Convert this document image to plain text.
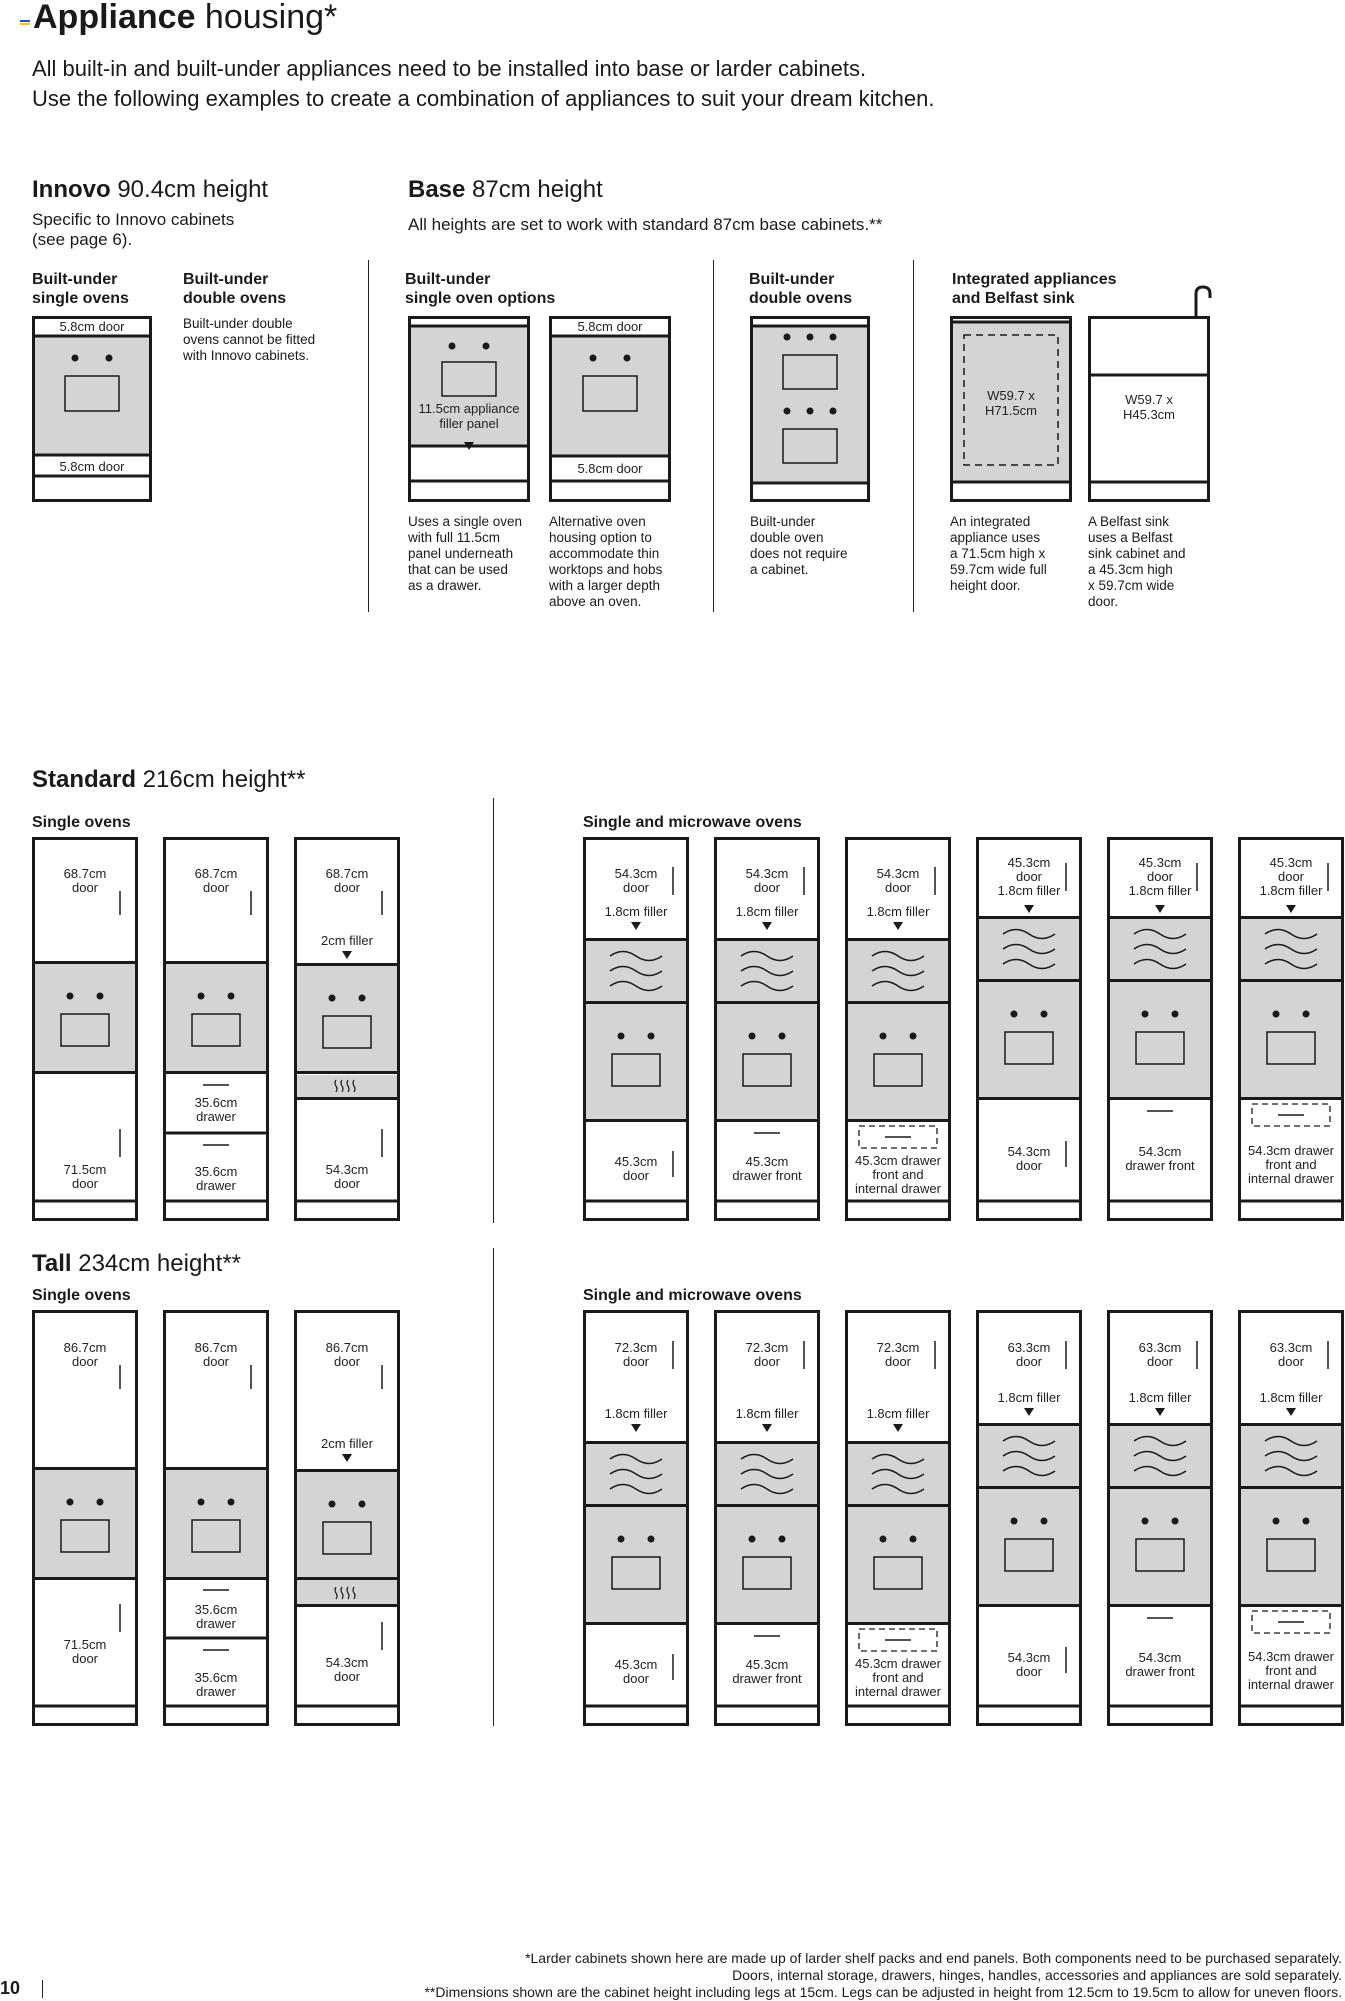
Appliance housing*
All built-in and built-under appliances need to be installed into base or larder cabinets.
Use the following examples to create a combination of appliances to suit your dream kitchen.
Innovo 90.4cm height
Specific to Innovo cabinets
(see page 6).
Built-under
single ovens
Built-under
double ovens
Built-under double
ovens cannot be fitted
with Innovo cabinets.
5.8cm door
5.8cm door
Base 87cm height
All heights are set to work with standard 87cm base cabinets.**
Built-under
single oven options
11.5cm appliance
filler panel
Uses a single oven
with full 11.5cm
panel underneath
that can be used
as a drawer.
5.8cm door
5.8cm door
Alternative oven
housing option to
accommodate thin
worktops and hobs
with a larger depth
above an oven.
Built-under
double ovens
Built-under
double oven
does not require
a cabinet.
Integrated appliances
and Belfast sink
W59.7 x
H71.5cm
An integrated
appliance uses
a 71.5cm high x
59.7cm wide full
height door.
W59.7 x
H45.3cm
A Belfast sink
uses a Belfast
sink cabinet and
a 45.3cm high
x 59.7cm wide
door.
Standard 216cm height**
Single ovens	Single and microwave ovens
68.7cm
door
71.5cm
door
68.7cm
door
35.6cm
drawer
35.6cm
drawer
68.7cm
door
2cm filler
54.3cm
door
54.3cm
door
1.8cm filler
45.3cm
door
54.3cm
door
1.8cm filler
45.3cm
drawer front
54.3cm
door
1.8cm filler
45.3cm drawer
front and
internal drawer
45.3cm
door
1.8cm filler
54.3cm
door
45.3cm
door
1.8cm filler
54.3cm
drawer front
45.3cm
door
1.8cm filler
54.3cm drawer
front and
internal drawer
Tall 234cm height**
Single ovens	Single and microwave ovens
86.7cm
door
71.5cm
door
86.7cm
door
35.6cm
drawer
35.6cm
drawer
86.7cm
door
2cm filler
54.3cm
door
72.3cm
door
1.8cm filler
45.3cm
door
72.3cm
door
1.8cm filler
45.3cm
drawer front
72.3cm
door
1.8cm filler
45.3cm drawer
front and
internal drawer
63.3cm
door
1.8cm filler
54.3cm
door
63.3cm
door
1.8cm filler
54.3cm
drawer front
63.3cm
door
1.8cm filler
54.3cm drawer
front and
internal drawer
*Larder cabinets shown here are made up of larder shelf packs and end panels. Both components need to be purchased separately.
Doors, internal storage, drawers, hinges, handles, accessories and appliances are sold separately.
**Dimensions shown are the cabinet height including legs at 15cm. Legs can be adjusted in height from 12.5cm to 19.5cm to allow for uneven floors.
10
